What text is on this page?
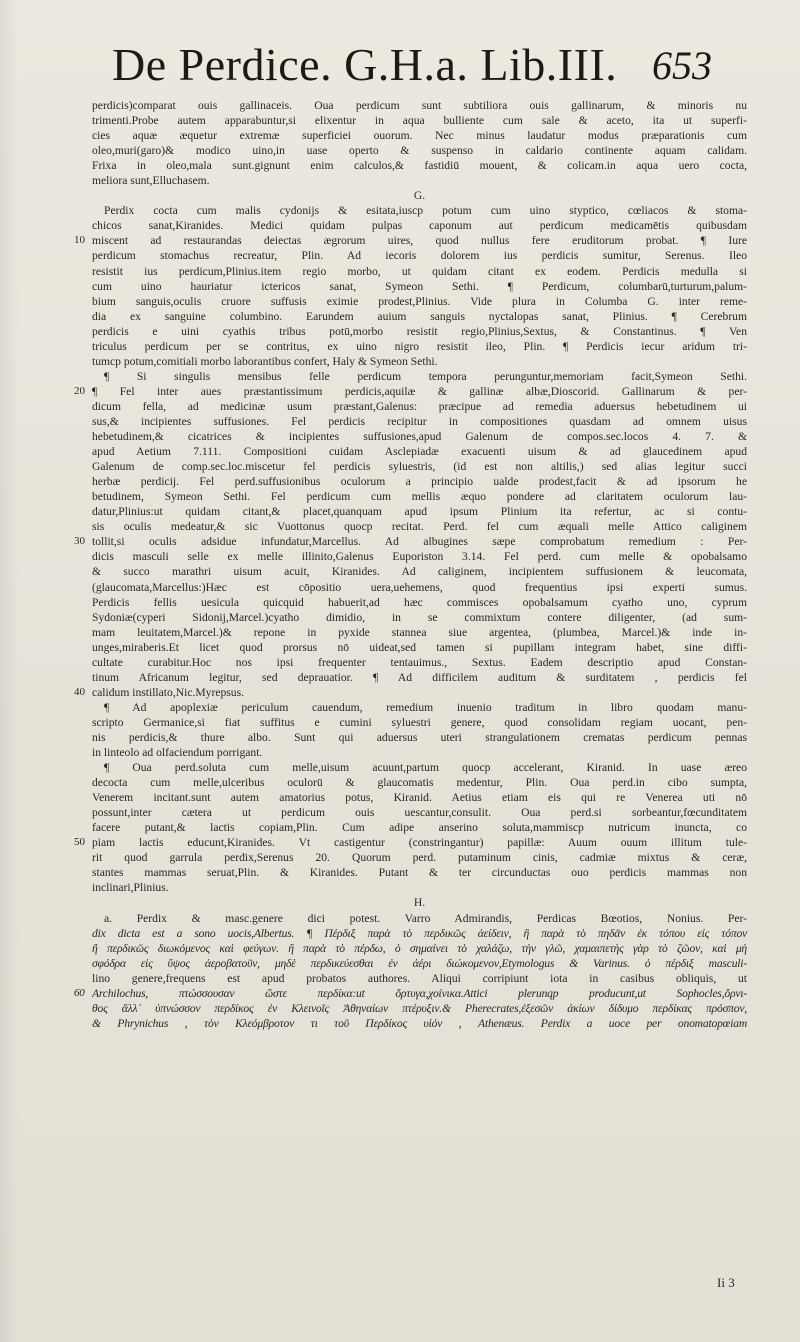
De Perdice. G.H.a. Lib.III. 653
perdicis)comparat ouis gallinaceis. Oua perdicum sunt subtiliora ouis gallinarum, & minoris nu
trimenti.Probe autem apparabuntur,si elixentur in aqua bulliente cum sale & aceto, ita ut superfi-
cies aquæ æquetur extremæ superficiei ouorum. Nec minus laudatur modus præparationis cum
oleo,muri(garo)& modico uino,in uase operto & suspenso in caldario continente aquam calidam.
Frixa in oleo,mala sunt.gignunt enim calculos,& fastidiū mouent, & colicam.in aqua uero cocta,
meliora sunt,Elluchasem.
G.
Perdix cocta cum malis cydonijs & esitata,iuscp potum cum uino styptico, cœliacos & stoma-
chicos sanat,Kiranides. Medici quidam pulpas caponum aut perdicum medicamētis quibusdam
miscent ad restaurandas deiectas ægrorum uires, quod nullus fere eruditorum probat. ¶ Iure
10
perdicum stomachus recreatur, Plin. Ad iecoris dolorem ius perdicis sumitur, Serenus. Ileo
resistit ius perdicum,Plinius.item regio morbo, ut quidam citant ex eodem. Perdicis medulla si
cum uino hauriatur ictericos sanat, Symeon Sethi. ¶ Perdicum, columbarū,turturum,palum-
bium sanguis,oculis cruore suffusis eximie prodest,Plinius. Vide plura in Columba G. inter reme-
dia ex sanguine columbino. Earundem auium sanguis nyctalopas sanat, Plinius. ¶ Cerebrum
perdicis e uini cyathis tribus potū,morbo resistit regio,Plinius,Sextus, & Constantinus. ¶ Ven
triculus perdicum per se contritus, ex uino nigro resistit ileo, Plin. ¶ Perdicis iecur aridum tri-
tumcp potum,comitiali morbo laborantibus confert, Haly & Symeon Sethi.
¶ Si singulis mensibus felle perdicum tempora perunguntur,memoriam facit,Symeon Sethi.
¶ Fel inter aues præstantissimum perdicis,aquilæ & gallinæ albæ,Dioscorid. Gallinarum & per-
20
dicum fella, ad medicinæ usum præstant,Galenus: præcipue ad remedia aduersus hebetudinem ui
sus,& incipientes suffusiones. Fel perdicis recipitur in compositiones quasdam ad omnem uisus
hebetudinem,& cicatrices & incipientes suffusiones,apud Galenum de compos.sec.locos 4. 7. &
apud Aetium 7.111. Compositioni cuidam Asclepiadæ exacuenti uisum & ad glaucedinem apud
Galenum de comp.sec.loc.miscetur fel perdicis syluestris, (id est non altilis,) sed alias legitur succi
herbæ perdicij. Fel perd.suffusionibus oculorum a principio ualde prodest,facit & ad ipsorum he
betudinem, Symeon Sethi. Fel perdicum cum mellis æquo pondere ad claritatem oculorum lau-
datur,Plinius:ut quidam citant,& placet,quanquam apud ipsum Plinium ita refertur, ac si contu-
sis oculis medeatur,& sic Vuottonus quocp recitat. Perd. fel cum æquali melle Attico caliginem
tollit,si oculis adsidue infundatur,Marcellus. Ad albugines sæpe comprobatum remedium : Per-
30
dicis masculi selle ex melle illinito,Galenus Euporiston 3.14. Fel perd. cum melle & opobalsamo
& succo marathri uisum acuit, Kiranides. Ad caliginem, incipientem suffusionem & leucomata,
(glaucomata,Marcellus:)Hæc est cōpositio uera,uehemens, quod frequentius ipsi experti sumus.
Perdicis fellis uesicula quicquid habuerit,ad hæc commisces opobalsamum cyatho uno, cyprum
Sydoniæ(cyperi Sidonij,Marcel.)cyatho dimidio, in se commixtum contere diligenter, (ad sum-
mam leuitatem,Marcel.)& repone in pyxide stannea siue argentea, (plumbea, Marcel.)& inde in-
unges,miraberis.Et licet quod prorsus nō uideat,sed tamen si pupillam integram habet, sine diffi-
cultate curabitur.Hoc nos ipsi frequenter tentauimus., Sextus. Eadem descriptio apud Constan-
tinum Africanum legitur, sed deprauatior. ¶ Ad difficilem auditum & surditatem , perdicis fel
calidum instillato,Nic.Myrepsus.
40
¶ Ad apoplexiæ periculum cauendum, remedium inuenio traditum in libro quodam manu-
scripto Germanice,si fiat suffitus e cumini syluestri genere, quod consolidam regiam uocant, pen-
nis perdicis,& thure albo. Sunt qui aduersus uteri strangulationem crematas perdicum pennas
in linteolo ad olfaciendum porrigant.
¶ Oua perd.soluta cum melle,uisum acuunt,partum quocp accelerant, Kiranid. In uase æreo
decocta cum melle,ulceribus oculorū & glaucomatis medentur, Plin. Oua perd.in cibo sumpta,
Venerem incitant.sunt autem amatorius potus, Kiranid. Aetius etiam eis qui re Venerea uti nō
possunt,inter cætera ut perdicum ouis uescantur,consulit. Oua perd.si sorbeantur,fœcunditatem
facere putant,& lactis copiam,Plin. Cum adipe anserino soluta,mammiscp nutricum inuncta, co
piam lactis educunt,Kiranides. Vt castigentur (constringantur) papillæ: Auum ouum illitum tule-
50
rit quod garrula perdix,Serenus 20. Quorum perd. putaminum cinis, cadmiæ mixtus & ceræ,
stantes mammas seruat,Plin. & Kiranides. Putant & ter circunductas ouo perdicis mammas non
inclinari,Plinius.
H.
a. Perdix & masc.genere dici potest. Varro Admirandis, Perdicas Bœotios, Nonius. Per-
dix dicta est a sono uocis,Albertus. ¶ Πέρδιξ παρὰ τὸ περδικῶς ἀείδειν, ἢ παρὰ τὸ πηδᾶν ἐκ τόπου εἰς τόπον
ἢ περδικῶς διωκόμενος καὶ φεύγων. ἢ παρὰ τὸ πέρδω, ὁ σημαίνει τὸ χαλάζω, τὴν γλῶ, χαμαιπετὴς γὰρ τὸ ζῶον, καὶ μὴ
σφόδρα εἰς ὕψος ἀεροβατοῦν, μηδὲ περδικεύεσθαι ἐν ἀέρι διώκομενον,Etymologus & Varinus. ὁ πέρδιξ masculi-
lino genere,frequens est apud probatos authores. Aliqui corripiunt iota in casibus obliquis, ut
Archilochus, πτώσσουσαν ὥστε περδίκα:ut ὄρτυγα,χοίνικα.Attici plerunqp producunt,ut Sophocles,ὄρνι-
60
θος ἄλλ᾽ ὑπνώσσον περδίκος ἐν Κλεινοῖς Ἀθηναίων πτέρυξιν.& Pherecrates,ἐξεσῶν ἀκίων δίδυμο περδίκας πρόσπον,
& Phrynichus , τὸν Κλεόμβροτον τι τοῦ Περδίκος υἱόν , Athenæus. Perdix a uoce per onomatopœiam
Ii 3
